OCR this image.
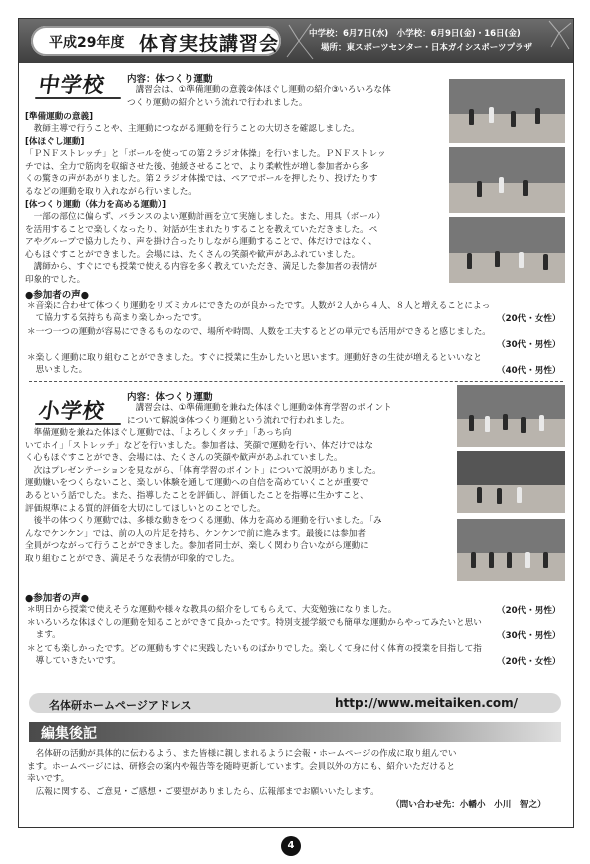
平成29年度 体育実技講習会	中学校：6月7日(水)　小学校：6月9日(金)・16日(金)
場所：東スポーツセンター・日本ガイシスポーツプラザ
中学校 内容：体つくり運動
　講習会は、①準備運動の意義②体ほぐし運動の紹介③いろいろな体
つくり運動の紹介という流れで行われました。
[準備運動の意義]
　教師主導で行うことや、主運動につながる運動を行うことの大切さを確認しました。
[体ほぐし運動]
「ＰＮＦストレッチ」と「ボールを使っての第２ラジオ体操」を行いました。ＰＮＦストレッ
チでは、全力で筋肉を収縮させた後、弛緩させることで、より柔軟性が増し参加者から多
くの驚きの声があがりました。第２ラジオ体操では、ペアでボールを押したり、投げたりす
るなどの運動を取り入れながら行いました。
[体つくり運動（体力を高める運動）]
　一部の部位に偏らず、バランスのよい運動計画を立て実施しました。また、用具（ボール）
を活用することで楽しくなったり、対話が生まれたりすることを教えていただきました。ペ
アやグループで協力したり、声を掛け合ったりしながら運動することで、体だけではなく、
心もほぐすことができました。会場には、たくさんの笑顔や歓声があふれていました。
　講師から、すぐにでも授業で使える内容を多く教えていただき、満足した参加者の表情が
印象的でした。
●参加者の声●
＊音楽に合わせて体つくり運動をリズミカルにできたのが良かったです。人数が２人から４人、８人と増えることによっ
　て協力する気持ちも高まり楽しかったです。	（20代・女性）
＊一つ一つの運動が容易にできるものなので、場所や時間、人数を工夫するとどの単元でも活用ができると感じました。
（30代・男性）
＊楽しく運動に取り組むことができました。すぐに授業に生かしたいと思います。運動好きの生徒が増えるといいなと
　思いました。	（40代・男性）
小学校
内容：体つくり運動
　講習会は、①準備運動を兼ねた体ほぐし運動②体育学習のポイント
について解説③体つくり運動という流れで行われました。
　準備運動を兼ねた体ほぐし運動では、「よろしくタッチ」「あっち向
いてホイ」「ストレッチ」などを行いました。参加者は、笑顔で運動を行い、体だけではな
く心もほぐすことができ、会場には、たくさんの笑顔や歓声があふれていました。
　次はプレゼンテーションを見ながら、「体育学習のポイント」について説明がありました。
運動嫌いをつくらないこと、楽しい体験を通して運動への自信を高めていくことが重要で
あるという話でした。また、指導したことを評価し、評価したことを指導に生かすこと、
評価規準による質的評価を大切にしてほしいとのことでした。
　後半の体つくり運動では、多様な動きをつくる運動、体力を高める運動を行いました。「み
んなでケンケン」では、前の人の片足を持ち、ケンケンで前に進みます。最後には参加者
全員がつながって行うことができました。参加者同士が、楽しく関わり合いながら運動に
取り組むことができ、満足そうな表情が印象的でした。
●参加者の声●
＊明日から授業で使えそうな運動や様々な教具の紹介をしてもらえて、大変勉強になりました。	（20代・男性）
＊いろいろな体ほぐしの運動を知ることができて良かったです。特別支援学級でも簡単な運動からやってみたいと思い
　ます。	（30代・男性）
＊とても楽しかったです。どの運動もすぐに実践したいものばかりでした。楽しくて身に付く体育の授業を目指して指
　導していきたいです。	（20代・女性）
名体研ホームページアドレス	http://www.meitaiken.com/
編集後記
　名体研の活動が具体的に伝わるよう、また皆様に親しまれるように会報・ホームページの作成に取り組んでい
ます。ホームページには、研修会の案内や報告等を随時更新しています。会員以外の方にも、紹介いただけると
幸いです。
　広報に関する、ご意見・ご感想・ご要望がありましたら、広報部までお願いいたします。
（問い合わせ先：小幡小　小川　智之）
4
